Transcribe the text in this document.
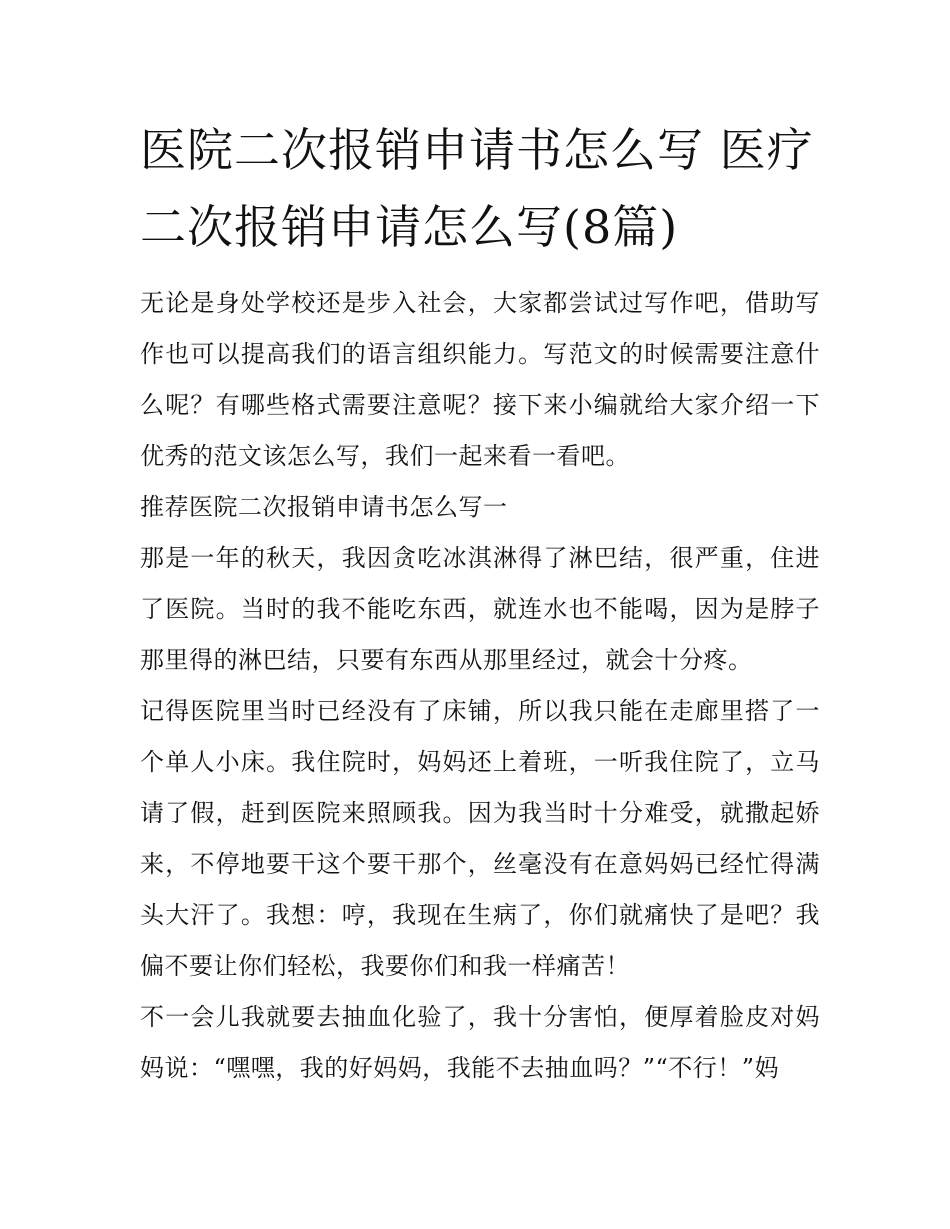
医院二次报销申请书怎么写 医疗二次报销申请怎么写(8篇)

无论是身处学校还是步入社会，大家都尝试过写作吧，借助写作也可以提高我们的语言组织能力。写范文的时候需要注意什么呢？有哪些格式需要注意呢？接下来小编就给大家介绍一下优秀的范文该怎么写，我们一起来看一看吧。

推荐医院二次报销申请书怎么写一

那是一年的秋天，我因贪吃冰淇淋得了淋巴结，很严重，住进了医院。当时的我不能吃东西，就连水也不能喝，因为是脖子那里得的淋巴结，只要有东西从那里经过，就会十分疼。

记得医院里当时已经没有了床铺，所以我只能在走廊里搭了一个单人小床。我住院时，妈妈还上着班，一听我住院了，立马请了假，赶到医院来照顾我。因为我当时十分难受，就撒起娇来，不停地要干这个要干那个，丝毫没有在意妈妈已经忙得满头大汗了。我想：哼，我现在生病了，你们就痛快了是吧？我偏不要让你们轻松，我要你们和我一样痛苦！

不一会儿我就要去抽血化验了，我十分害怕，便厚着脸皮对妈妈说：“嘿嘿，我的好妈妈，我能不去抽血吗？”“不行！”妈
